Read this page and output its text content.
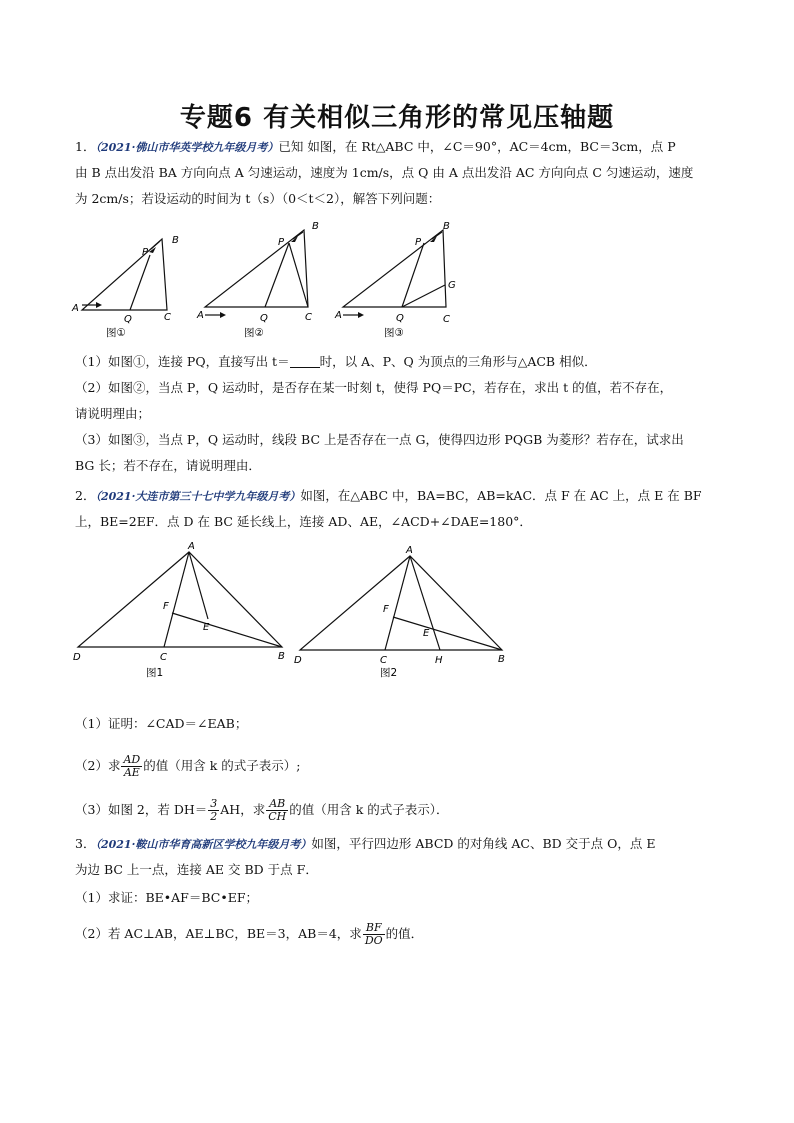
专题6 有关相似三角形的常见压轴题
1．（2021·佛山市华英学校九年级月考）已知 如图，在 Rt△ABC 中，∠C＝90°，AC＝4cm，BC＝3cm，点 P
由 B 点出发沿 BA 方向向点 A 匀速运动，速度为 1cm/s，点 Q 由 A 点出发沿 AC 方向向点 C 匀速运动，速度
为 2cm/s；若设运动的时间为 t（s）（0＜t＜2），解答下列问题：
A
B
C
P
Q
图①
A
B
C
P
Q
图②
A
B
C
P
Q
G
图③
（1）如图①，连接 PQ，直接写出 t＝ 时，以 A、P、Q 为顶点的三角形与△ACB 相似．
（2）如图②，当点 P，Q 运动时，是否存在某一时刻 t，使得 PQ＝PC，若存在，求出 t 的值，若不存在，
请说明理由；
（3）如图③，当点 P，Q 运动时，线段 BC 上是否存在一点 G，使得四边形 PQGB 为菱形？若存在，试求出
BG 长；若不存在，请说明理由．
2．（2021·大连市第三十七中学九年级月考）如图，在△ABC 中，BA=BC，AB=kAC．点 F 在 AC 上，点 E 在 BF
上，BE=2EF．点 D 在 BC 延长线上，连接 AD、AE，∠ACD+∠DAE=180°．
A
B
C
D
E
F
图1
A
B
C
D
E
F
H
图2
（1）证明：∠CAD＝∠EAB；
（2）求 $\frac{AD}{AE}$ 的值（用含 k 的式子表示）;
（3）如图 2，若 $DH= \frac{3}{2}$ AH，求 $\frac{AB}{CH}$ 的值（用含 k 的式子表示）．
3．（2021·鞍山市华育高新区学校九年级月考）如图，平行四边形 ABCD 的对角线 AC、BD 交于点 O，点 E
为边 BC 上一点，连接 AE 交 BD 于点 F．
（1）求证：BE•AF＝BC•EF；
（2）若 AC⊥AB，AE⊥BC，BE＝3，AB＝4，求 $\frac{BF}{DO}$ 的值．
